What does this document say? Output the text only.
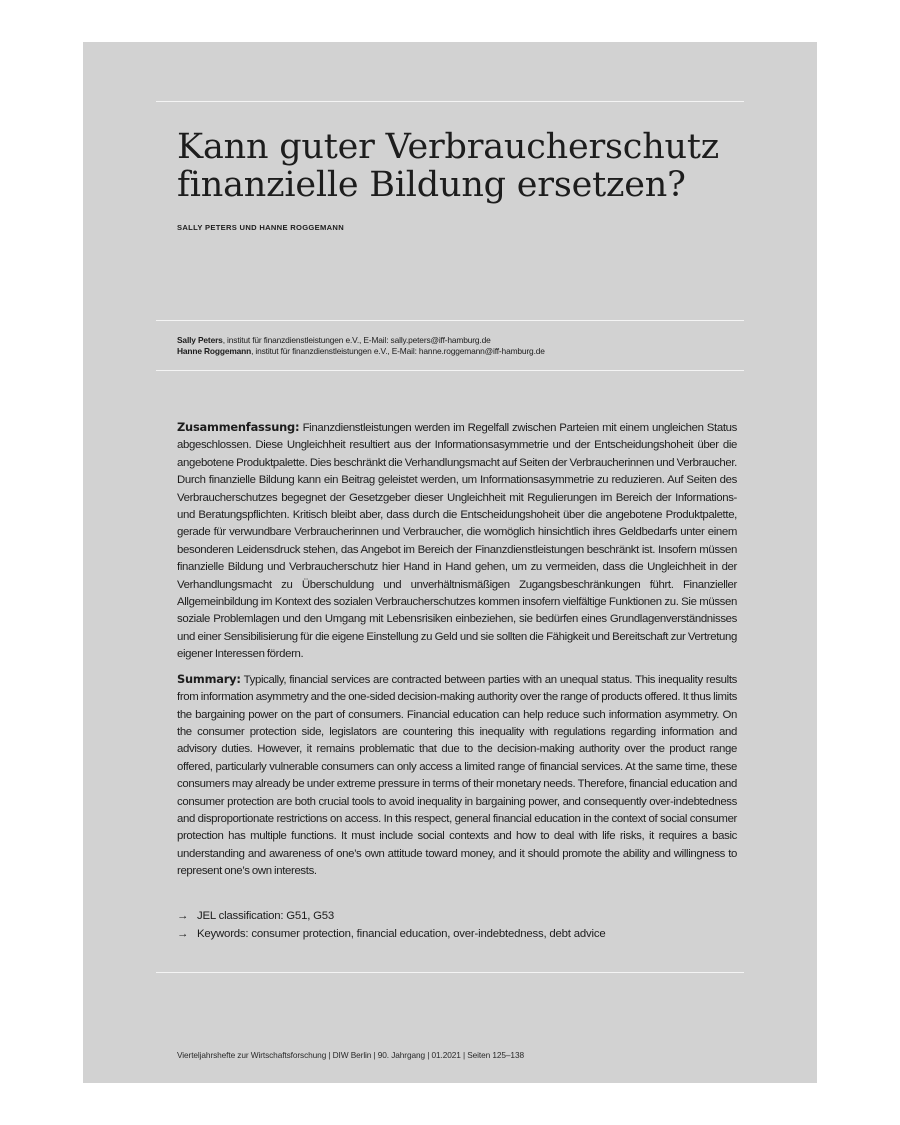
Kann guter Verbraucherschutz
finanzielle Bildung ersetzen?
SALLY PETERS UND HANNE ROGGEMANN
Sally Peters, institut für finanzdienstleistungen e.V., E-Mail: sally.peters@iff-hamburg.de
Hanne Roggemann, institut für finanzdienstleistungen e.V., E-Mail: hanne.roggemann@iff-hamburg.de

Zusammenfassung: Finanzdienstleistungen werden im Regelfall zwischen Parteien mit einem ungleichen Status abgeschlossen. Diese Ungleichheit resultiert aus der Informationsasymmetrie und der Entscheidungshoheit über die angebotene Produktpalette. Dies beschränkt die Verhandlungsmacht auf Seiten der Verbraucherinnen und Verbraucher. Durch finanzielle Bildung kann ein Beitrag geleistet werden, um Informationsasymmetrie zu reduzieren. Auf Seiten des Verbraucherschutzes begegnet der Gesetzgeber dieser Ungleichheit mit Regulierungen im Bereich der Informations- und Beratungspflichten. Kritisch bleibt aber, dass durch die Entscheidungshoheit über die angebotene Produktpalette, gerade für verwundbare Verbraucherinnen und Verbraucher, die womöglich hinsichtlich ihres Geldbedarfs unter einem besonderen Leidensdruck stehen, das Angebot im Bereich der Finanzdienstleistungen beschränkt ist. Insofern müssen finanzielle Bildung und Verbraucherschutz hier Hand in Hand gehen, um zu vermeiden, dass die Ungleichheit in der Verhandlungsmacht zu Überschuldung und unverhältnismäßigen Zugangsbeschränkungen führt. Finanzieller Allgemeinbildung im Kontext des sozialen Verbraucherschutzes kommen insofern vielfältige Funktionen zu. Sie müssen soziale Problemlagen und den Umgang mit Lebensrisiken einbeziehen, sie bedürfen eines Grundlagenverständnisses und einer Sensibilisierung für die eigene Einstellung zu Geld und sie sollten die Fähigkeit und Bereitschaft zur Vertretung eigener Interessen fördern.

Summary: Typically, financial services are contracted between parties with an unequal status. This inequality results from information asymmetry and the one-sided decision-making authority over the range of products offered. It thus limits the bargaining power on the part of consumers. Financial education can help reduce such information asymmetry. On the consumer protection side, legislators are countering this inequality with regulations regarding information and advisory duties. However, it remains problematic that due to the decision-making authority over the product range offered, particularly vulnerable consumers can only access a limited range of financial services. At the same time, these consumers may already be under extreme pressure in terms of their monetary needs. Therefore, financial education and consumer protection are both crucial tools to avoid inequality in bargaining power, and consequently over-indebtedness and disproportionate restrictions on access. In this respect, general financial education in the context of social consumer protection has multiple functions. It must include social contexts and how to deal with life risks, it requires a basic understanding and awareness of one’s own attitude toward money, and it should promote the ability and willingness to represent one’s own interests.

→ JEL classification: G51, G53
→ Keywords: consumer protection, financial education, over-indebtedness, debt advice
Vierteljahrshefte zur Wirtschaftsforschung | DIW Berlin | 90. Jahrgang | 01.2021 | Seiten 125–138
